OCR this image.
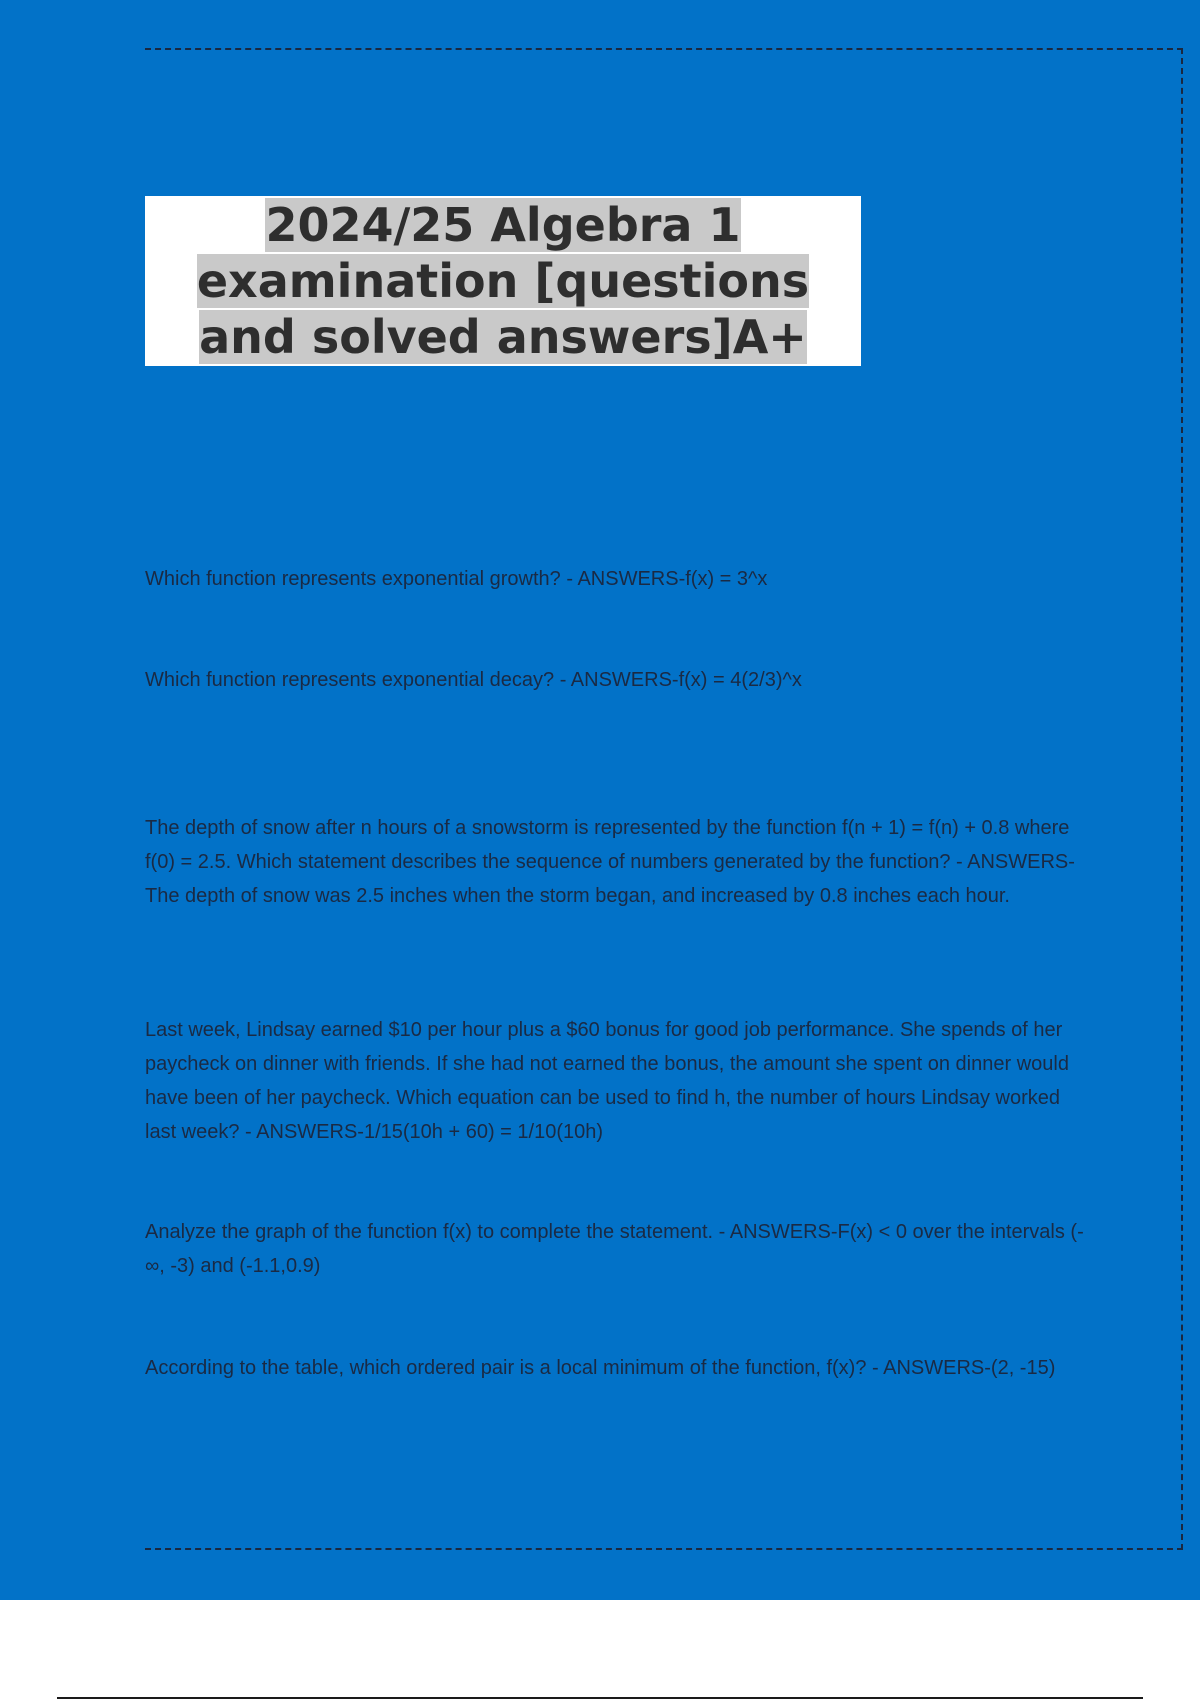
2024/25 Algebra 1
examination [questions
and solved answers]A+

Which function represents exponential growth? - ANSWERS-f(x) = 3^x

Which function represents exponential decay? - ANSWERS-f(x) = 4(2/3)^x

The depth of snow after n hours of a snowstorm is represented by the function f(n + 1) = f(n) + 0.8 where f(0) = 2.5. Which statement describes the sequence of numbers generated by the function? - ANSWERS-The depth of snow was 2.5 inches when the storm began, and increased by 0.8 inches each hour.

Last week, Lindsay earned $10 per hour plus a $60 bonus for good job performance. She spends of her paycheck on dinner with friends. If she had not earned the bonus, the amount she spent on dinner would have been of her paycheck. Which equation can be used to find h, the number of hours Lindsay worked last week? - ANSWERS-1/15(10h + 60) = 1/10(10h)

Analyze the graph of the function f(x) to complete the statement. - ANSWERS-F(x) < 0 over the intervals (-∞, -3) and (-1.1,0.9)

According to the table, which ordered pair is a local minimum of the function, f(x)? - ANSWERS-(2, -15)
